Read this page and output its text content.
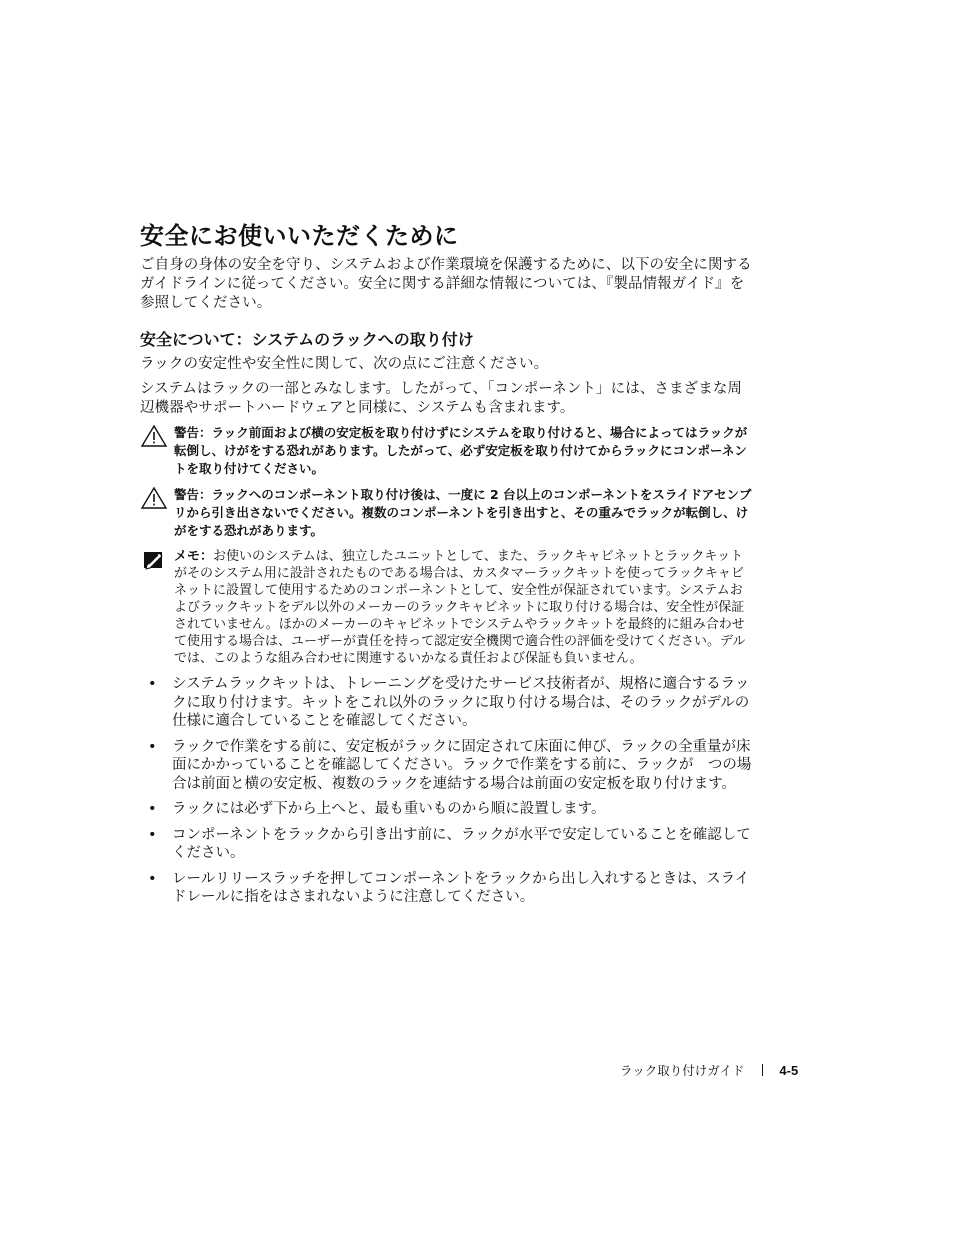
安全にお使いいただくために

ご自身の身体の安全を守り、システムおよび作業環境を保護するために、以下の安全に関するガイドラインに従ってください。安全に関する詳細な情報については、『製品情報ガイド』を参照してください。

安全について：システムのラックへの取り付け

ラックの安定性や安全性に関して、次の点にご注意ください。

システムはラックの一部とみなします。したがって、「コンポーネント」には、さまざまな周辺機器やサポートハードウェアと同様に、システムも含まれます。

警告：ラック前面および横の安定板を取り付けずにシステムを取り付けると、場合によってはラックが転倒し、けがをする恐れがあります。したがって、必ず安定板を取り付けてからラックにコンポーネントを取り付けてください。
警告：ラックへのコンポーネント取り付け後は、一度に 2 台以上のコンポーネントをスライドアセンブリから引き出さないでください。複数のコンポーネントを引き出すと、その重みでラックが転倒し、けがをする恐れがあります。
メモ：お使いのシステムは、独立したユニットとして、また、ラックキャビネットとラックキットがそのシステム用に設計されたものである場合は、カスタマーラックキットを使ってラックキャビネットに設置して使用するためのコンポーネントとして、安全性が保証されています。システムおよびラックキットをデル以外のメーカーのラックキャビネットに取り付ける場合は、安全性が保証されていません。ほかのメーカーのキャビネットでシステムやラックキットを最終的に組み合わせて使用する場合は、ユーザーが責任を持って認定安全機関で適合性の評価を受けてください。デルでは、このような組み合わせに関連するいかなる責任および保証も負いません。
• システムラックキットは、トレーニングを受けたサービス技術者が、規格に適合するラックに取り付けます。キットをこれ以外のラックに取り付ける場合は、そのラックがデルの仕様に適合していることを確認してください。
• ラックで作業をする前に、安定板がラックに固定されて床面に伸び、ラックの全重量が床面にかかっていることを確認してください。ラックで作業をする前に、ラックが　つの場合は前面と横の安定板、複数のラックを連結する場合は前面の安定板を取り付けます。
• ラックには必ず下から上へと、最も重いものから順に設置します。
• コンポーネントをラックから引き出す前に、ラックが水平で安定していることを確認してください。
• レールリリースラッチを押してコンポーネントをラックから出し入れするときは、スライドレールに指をはさまれないように注意してください。
ラック取り付けガイド	4-5
